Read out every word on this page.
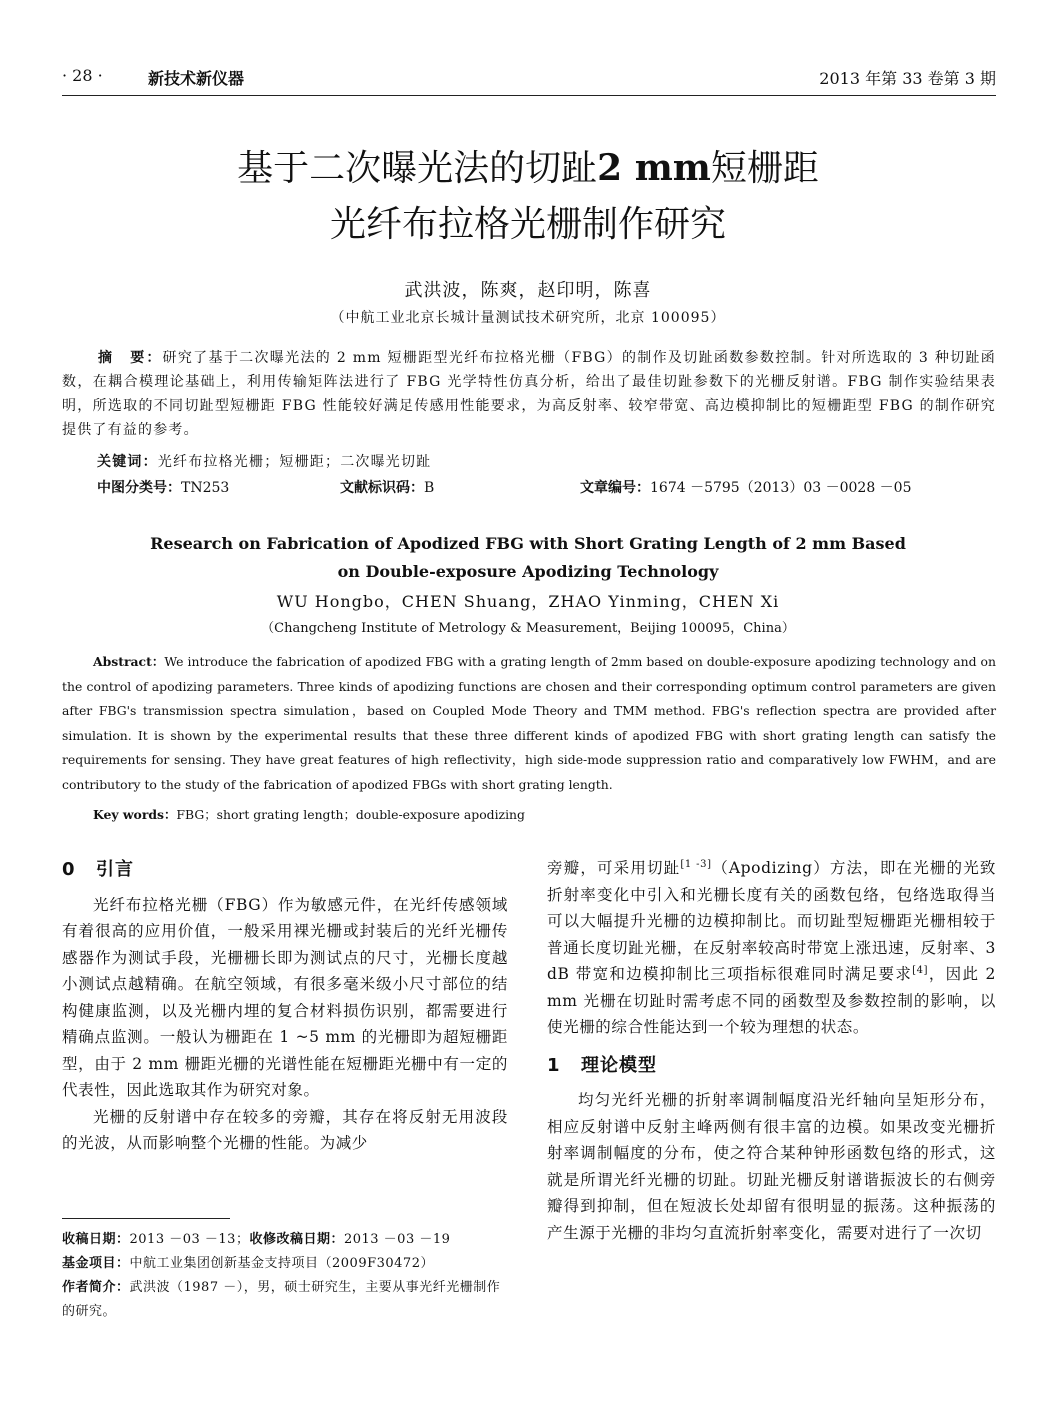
· 28 ·	新技术新仪器	2013 年第 33 卷第 3 期
基于二次曝光法的切趾2 mm短栅距
光纤布拉格光栅制作研究
武洪波，陈爽，赵印明，陈喜
（中航工业北京长城计量测试技术研究所，北京 100095）
摘　要：研究了基于二次曝光法的 2 mm 短栅距型光纤布拉格光栅（FBG）的制作及切趾函数参数控制。针对所选取的 3 种切趾函数，在耦合模理论基础上，利用传输矩阵法进行了 FBG 光学特性仿真分析，给出了最佳切趾参数下的光栅反射谱。FBG 制作实验结果表明，所选取的不同切趾型短栅距 FBG 性能较好满足传感用性能要求，为高反射率、较窄带宽、高边模抑制比的短栅距型 FBG 的制作研究提供了有益的参考。
关键词：光纤布拉格光栅；短栅距；二次曝光切趾
中图分类号：TN253	文献标识码：B	文章编号：1674 －5795（2013）03 －0028 －05
Research on Fabrication of Apodized FBG with Short Grating Length of 2 mm Based
on Double-exposure Apodizing Technology
WU Hongbo，CHEN Shuang，ZHAO Yinming，CHEN Xi
（Changcheng Institute of Metrology & Measurement，Beijing 100095，China）
Abstract：We introduce the fabrication of apodized FBG with a grating length of 2mm based on double-exposure apodizing technology and on the control of apodizing parameters. Three kinds of apodizing functions are chosen and their corresponding optimum control parameters are given after FBG's transmission spectra simulation，based on Coupled Mode Theory and TMM method. FBG's reflection spectra are provided after simulation. It is shown by the experimental results that these three different kinds of apodized FBG with short grating length can satisfy the requirements for sensing. They have great features of high reflectivity，high side-mode suppression ratio and comparatively low FWHM，and are contributory to the study of the fabrication of apodized FBGs with short grating length.
Key words：FBG；short grating length；double-exposure apodizing
0 引言

光纤布拉格光栅（FBG）作为敏感元件，在光纤传感领域有着很高的应用价值，一般采用裸光栅或封装后的光纤光栅传感器作为测试手段，光栅栅长即为测试点的尺寸，光栅长度越小测试点越精确。在航空领域，有很多毫米级小尺寸部位的结构健康监测，以及光栅内埋的复合材料损伤识别，都需要进行精确点监测。一般认为栅距在 1 ~5 mm 的光栅即为超短栅距型，由于 2 mm 栅距光栅的光谱性能在短栅距光栅中有一定的代表性，因此选取其作为研究对象。

光栅的反射谱中存在较多的旁瓣，其存在将反射无用波段的光波，从而影响整个光栅的性能。为减少

旁瓣，可采用切趾[1 -3]（Apodizing）方法，即在光栅的光致折射率变化中引入和光栅长度有关的函数包络，包络选取得当可以大幅提升光栅的边模抑制比。而切趾型短栅距光栅相较于普通长度切趾光栅，在反射率较高时带宽上涨迅速，反射率、3 dB 带宽和边模抑制比三项指标很难同时满足要求[4]，因此 2 mm 光栅在切趾时需考虑不同的函数型及参数控制的影响，以使光栅的综合性能达到一个较为理想的状态。

1 理论模型

均匀光纤光栅的折射率调制幅度沿光纤轴向呈矩形分布，相应反射谱中反射主峰两侧有很丰富的边模。如果改变光栅折射率调制幅度的分布，使之符合某种钟形函数包络的形式，这就是所谓光纤光栅的切趾。切趾光栅反射谱谐振波长的右侧旁瓣得到抑制，但在短波长处却留有很明显的振荡。这种振荡的产生源于光栅的非均匀直流折射率变化，需要对进行了一次切

收稿日期：2013 －03 －13；收修改稿日期：2013 －03 －19
基金项目：中航工业集团创新基金支持项目（2009F30472）
作者简介：武洪波（1987 －），男，硕士研究生，主要从事光纤光栅制作的研究。
